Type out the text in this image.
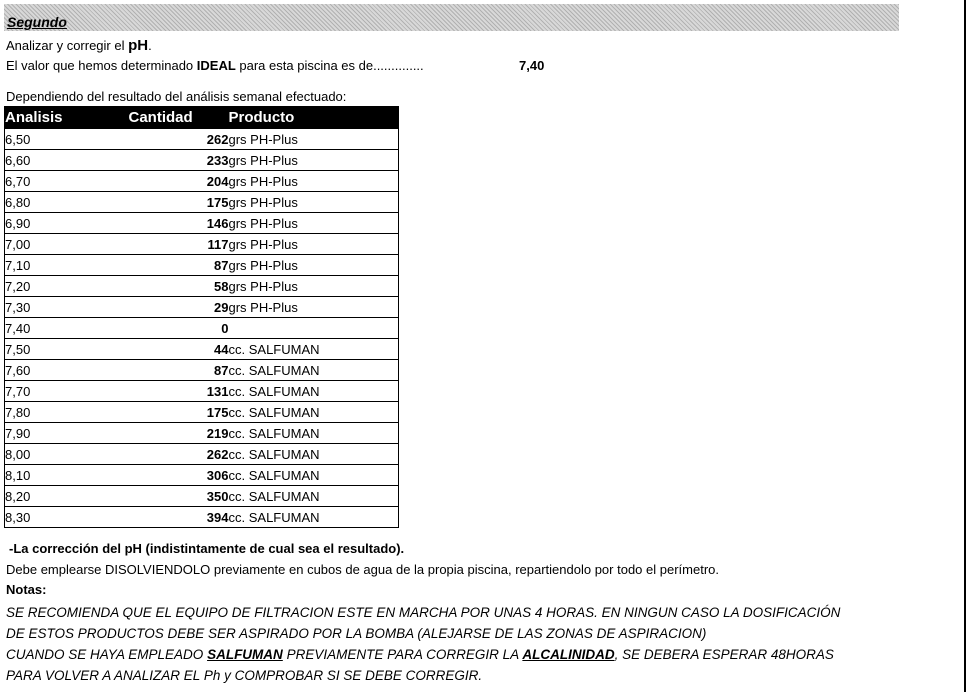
Segundo
Analizar y corregir el pH.
El valor que hemos determinado IDEAL para esta piscina es de..............	7,40
Dependiendo del resultado del análisis semanal efectuado:
Analisis	Cantidad	Producto
6,50	262	grs PH-Plus
6,60	233	grs PH-Plus
6,70	204	grs PH-Plus
6,80	175	grs PH-Plus
6,90	146	grs PH-Plus
7,00	117	grs PH-Plus
7,10	87	grs PH-Plus
7,20	58	grs PH-Plus
7,30	29	grs PH-Plus
7,40	0	
7,50	44	cc. SALFUMAN
7,60	87	cc. SALFUMAN
7,70	131	cc. SALFUMAN
7,80	175	cc. SALFUMAN
7,90	219	cc. SALFUMAN
8,00	262	cc. SALFUMAN
8,10	306	cc. SALFUMAN
8,20	350	cc. SALFUMAN
8,30	394	cc. SALFUMAN
-La corrección del pH (indistintamente de cual sea el resultado).
Debe emplearse DISOLVIENDOLO previamente en cubos de agua de la propia piscina, repartiendolo por todo el perímetro.
Notas:

SE RECOMIENDA QUE EL EQUIPO DE FILTRACION ESTE EN MARCHA POR UNAS 4 HORAS. EN NINGUN CASO LA DOSIFICACIÓN

DE ESTOS PRODUCTOS DEBE SER ASPIRADO POR LA BOMBA (ALEJARSE DE LAS ZONAS DE ASPIRACION)

CUANDO SE HAYA EMPLEADO SALFUMAN PREVIAMENTE PARA CORREGIR LA ALCALINIDAD, SE DEBERA ESPERAR 48HORAS

PARA VOLVER A ANALIZAR EL Ph y COMPROBAR SI SE DEBE CORREGIR.
